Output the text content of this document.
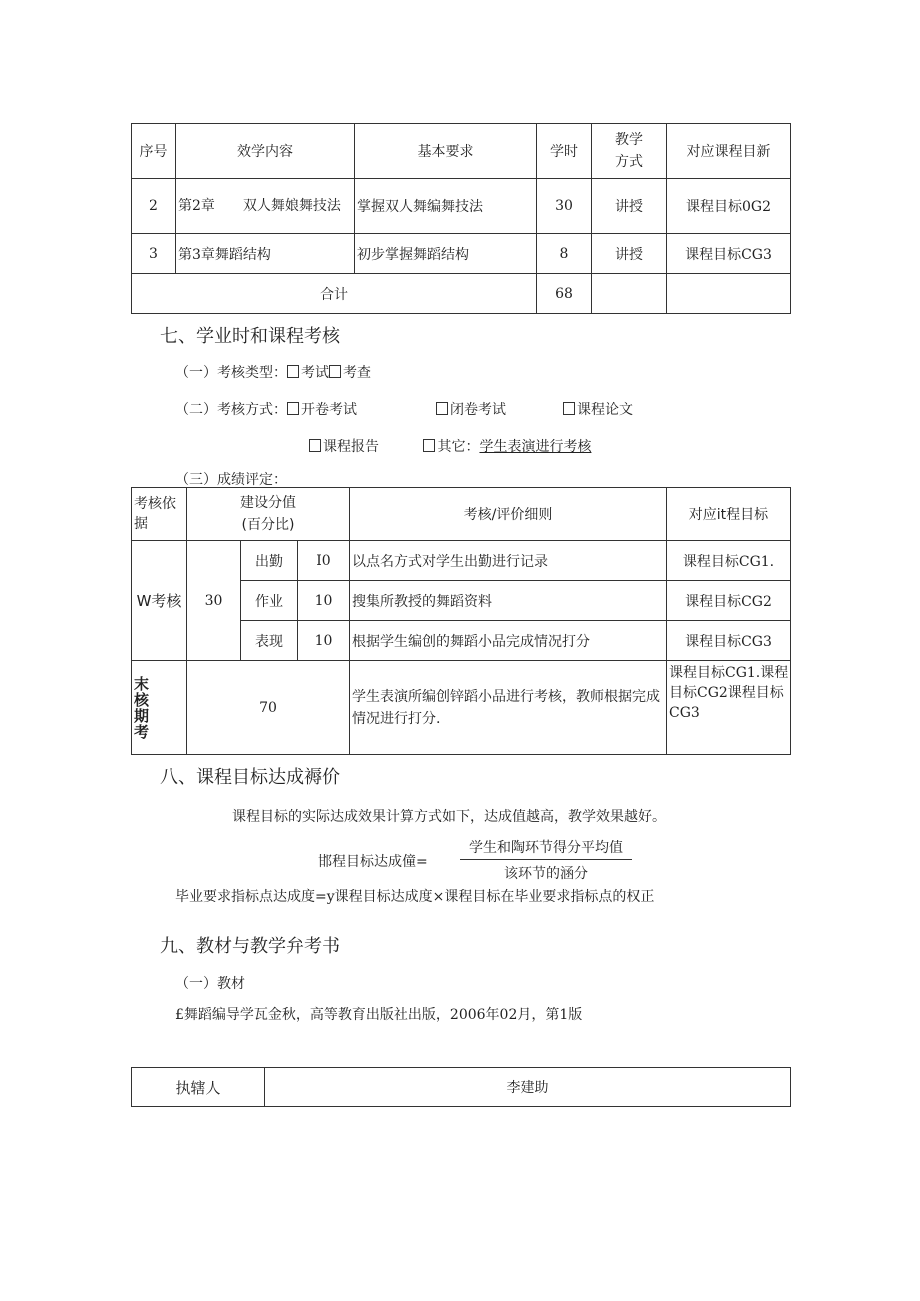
序号	效学内容	基本要求	学时	教学
方式	对应课程目新
2	第2章　　双人舞娘舞技法	掌握双人舞编舞技法	30	讲授	课程目标0G2
3	第3章舞蹈结构	初步掌握舞蹈结构	8	讲授	课程目标CG3
合计			68		
七、学业时和课程考核
（一）考核类型： 考试 考查
（二）考核方式： 开卷考试	闭卷考试	课程论文
课程报告	其它：学生表演进行考核
（三）成绩评定：
考核依
据	建设分值
(百分比)			考核/评价细则	对应it程目标
W考核	30	出勤	I0	以点名方式对学生出勤进行记录	课程目标CG1.
		作业	10	搜集所教授的舞蹈资料	课程目标CG2
		表现	10	根据学生编创的舞蹈小品完成情况打分	课程目标CG3
末
核
期
考	70			学生表演所编创锌蹈小品进行考核，教师根据完成情况进行打分.	课程目标CG1.课程目标CG2课程目标CG3
八、课程目标达成褥价
课程目标的实际达成效果计算方式如下，达成值越高，教学效果越好。
邯程目标达成僮=
学生和陶环节得分平均值
该环节的涵分
毕业要求指标点达成度=y课程目标达成度×课程目标在毕业要求指标点的权正
九、教材与教学弁考书
（一）教材
£舞蹈编导学瓦金秋，高等教育出版社出版，2006年02月，第1版
执辖人	李建助
